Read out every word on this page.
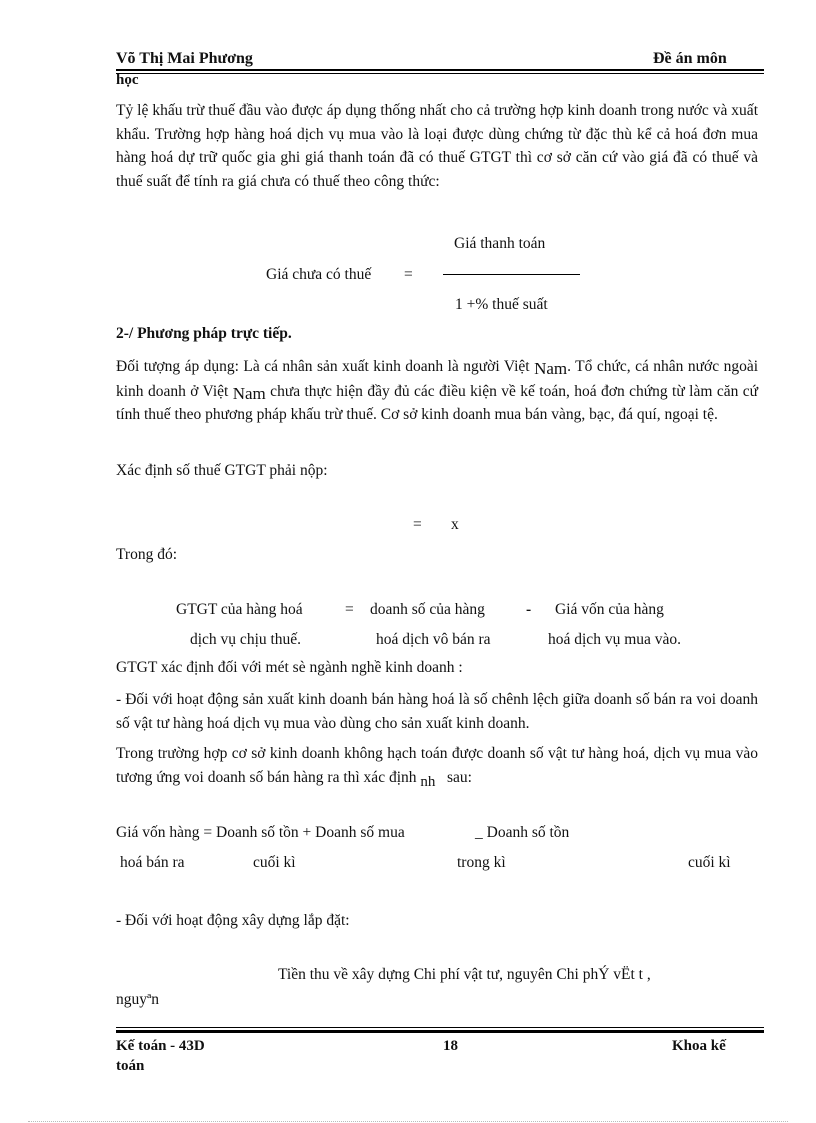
Võ Thị Mai Phương	Đề án môn
học
Tỷ lệ khấu trừ thuế đầu vào được áp dụng thống nhất cho cả trường hợp kinh doanh trong nước và xuất khẩu. Trường hợp hàng hoá dịch vụ mua vào là loại được dùng chứng từ đặc thù kể cả hoá đơn mua hàng hoá dự trữ quốc gia ghi giá thanh toán đã có thuế GTGT thì cơ sở căn cứ vào giá đã có thuế và thuế suất để tính ra giá chưa có thuế theo công thức:
Giá thanh toán
Giá chưa có thuế =
1 +% thuế suất
2-/ Phương pháp trực tiếp.
Đối tượng áp dụng: Là cá nhân sản xuất kinh doanh là người Việt Nam. Tổ chức, cá nhân nước ngoài kinh doanh ở Việt Nam chưa thực hiện đầy đủ các điều kiện về kế toán, hoá đơn chứng từ làm căn cứ tính thuế theo phương pháp khấu trừ thuế. Cơ sở kinh doanh mua bán vàng, bạc, đá quí, ngoại tệ.
Xác định số thuế GTGT phải nộp:
= x
Trong đó:
GTGT của hàng hoá	= doanh số của hàng	- Giá vốn của hàng
dịch vụ chịu thuế.	hoá dịch vô bán ra	hoá dịch vụ mua vào.
GTGT xác định đối với mét sè ngành nghề kinh doanh :
- Đối với hoạt động sản xuất kinh doanh bán hàng hoá là số chênh lệch giữa doanh số bán ra voi doanh số vật tư hàng hoá dịch vụ mua vào dùng cho sản xuất kinh doanh.
Trong trường hợp cơ sở kinh doanh không hạch toán được doanh số vật tư hàng hoá, dịch vụ mua vào tương ứng voi doanh số bán hàng ra thì xác định nh sau:
Giá vốn hàng = Doanh số tồn + Doanh số mua	_ Doanh số tồn
hoá bán ra	cuối kì	trong kì	cuối kì
- Đối với hoạt động xây dựng lắp đặt:
Tiền thu về xây dựng Chi phí vật tư, nguyên Chi phÝ vËt t ,
nguyªn
Kế toán - 43D	18	Khoa kế
toán
